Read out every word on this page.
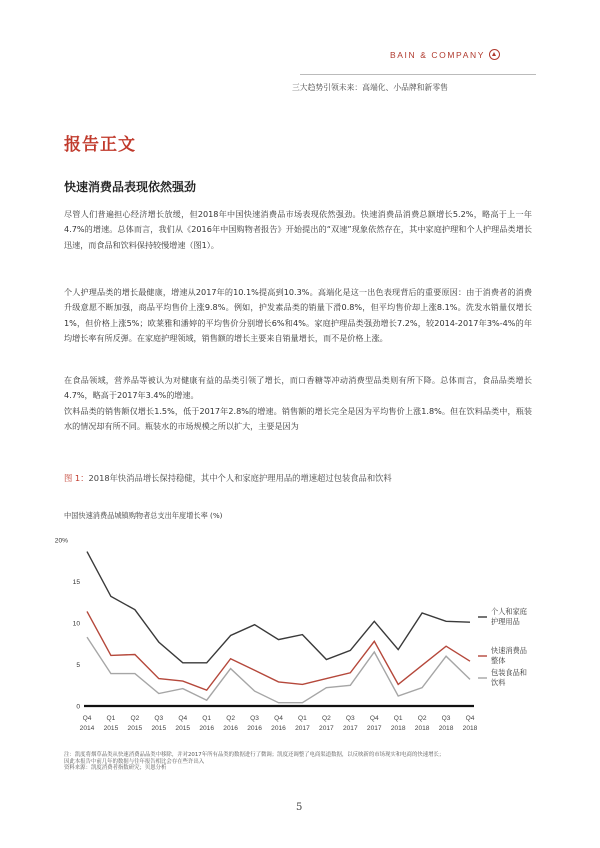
BAIN & COMPANY
三大趋势引领未来：高端化、小品牌和新零售
报告正文
快速消费品表现依然强劲
尽管人们普遍担心经济增长放缓，但2018年中国快速消费品市场表现依然强劲。快速消费品消费总额增长5.2%，略高于上一年4.7%的增速。总体而言，我们从《2016年中国购物者报告》开始提出的“双速”现象依然存在，其中家庭护理和个人护理品类增长迅速，而食品和饮料保持较慢增速（图1）。
个人护理品类的增长最健康，增速从2017年的10.1%提高到10.3%。高端化是这一出色表现背后的重要原因：由于消费者的消费升级意愿不断加强，商品平均售价上涨9.8%。例如，护发素品类的销量下滑0.8%，但平均售价却上涨8.1%。洗发水销量仅增长1%，但价格上涨5%；欧莱雅和潘婷的平均售价分别增长6%和4%。家庭护理品类强劲增长7.2%，较2014-2017年3%-4%的年均增长率有所反弹。在家庭护理领域，销售额的增长主要来自销量增长，而不是价格上涨。
在食品领域，营养品等被认为对健康有益的品类引领了增长，而口香糖等冲动消费型品类则有所下降。总体而言，食品品类增长4.7%，略高于2017年3.4%的增速。
饮料品类的销售额仅增长1.5%，低于2017年2.8%的增速。销售额的增长完全是因为平均售价上涨1.8%。但在饮料品类中，瓶装水的情况却有所不同。瓶装水的市场规模之所以扩大，主要是因为
图 1：2018年快消品增长保持稳健，其中个人和家庭护理用品的增速超过包装食品和饮料
中国快速消费品城镇购物者总支出年度增长率 (%)
0
5
10
15
20%
Q4
2014
Q1
2015
Q2
2015
Q3
2015
Q4
2015
Q1
2016
Q2
2016
Q3
2016
Q4
2016
Q1
2017
Q2
2017
Q3
2017
Q4
2017
Q1
2018
Q2
2018
Q3
2018
Q4
2018
个人和家庭
护理用品
快速消费品
整体
包装食品和
饮料
注：凯度将烟草品类从快速消费品品类中移除，并对2017年所有品类的数据进行了微调；凯度还调整了电商渠道数据，以反映新的市场现实和电商的快速增长；
因此本报告中前几年的数据与往年报告相比会存在些许出入
资料来源：凯度消费者指数研究；贝恩分析
5
